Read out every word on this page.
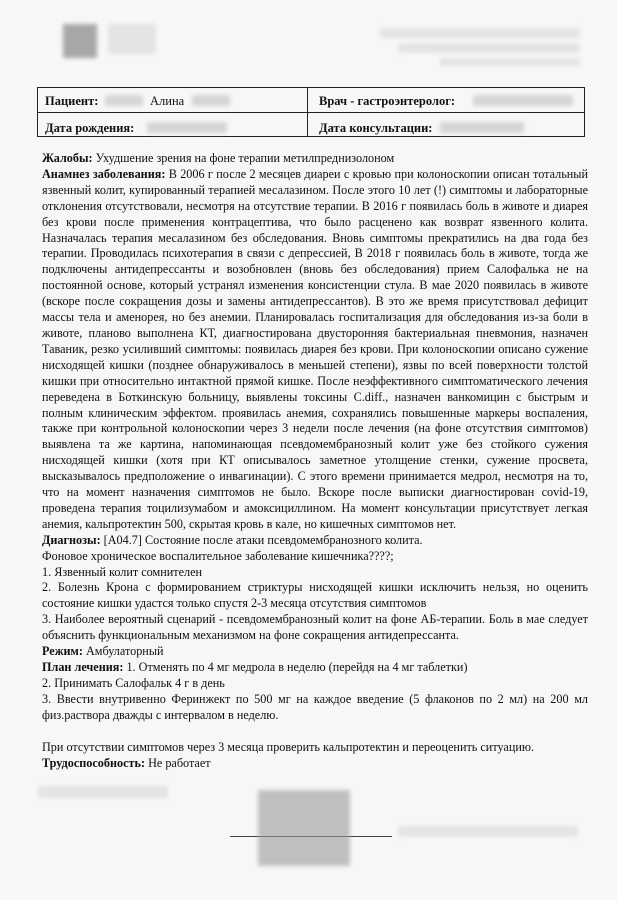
Пациент:	Алина	Врач - гастроэнтеролог:
Дата рождения:	Дата консультации:

Жалобы: Ухудшение зрения на фоне терапии метилпреднизолоном

Анамнез заболевания: В 2006 г после 2 месяцев диареи с кровью при колоноскопии описан тотальный язвенный колит, купированный терапией месалазином. После этого 10 лет (!) симптомы и лабораторные отклонения отсутствовали, несмотря на отсутствие терапии. В 2016 г появилась боль в животе и диарея без крови после применения контрацептива, что было расценено как возврат язвенного колита. Назначалась терапия месалазином без обследования. Вновь симптомы прекратились на два года без терапии. Проводилась психотерапия в связи с депрессией, В 2018 г появилась боль в животе, тогда же подключены антидепрессанты и возобновлен (вновь без обследования) прием Салофалька не на постоянной основе, который устранял изменения консистенции стула. В мае 2020 появилась в животе (вскоре после сокращения дозы и замены антидепрессантов). В это же время присутствовал дефицит массы тела и аменорея, но без анемии. Планировалась госпитализация для обследования из-за боли в животе, планово выполнена КТ, диагностирована двусторонняя бактериальная пневмония, назначен Таваник, резко усиливший симптомы: появилась диарея без крови. При колоноскопии описано сужение нисходящей кишки (позднее обнаруживалось в меньшей степени), язвы по всей поверхности толстой кишки при относительно интактной прямой кишке. После неэффективного симптоматического лечения переведена в Боткинскую больницу, выявлены токсины C.diff., назначен ванкомицин с быстрым и полным клиническим эффектом. проявилась анемия, сохранялись повышенные маркеры воспаления, также при контрольной колоноскопии через 3 недели после лечения (на фоне отсутствия симптомов) выявлена та же картина, напоминающая псевдомембранозный колит уже без стойкого сужения нисходящей кишки (хотя при КТ описывалось заметное утолщение стенки, сужение просвета, высказывалось предположение о инвагинации). С этого времени принимается медрол, несмотря на то, что на момент назначения симптомов не было. Вскоре после выписки диагностирован covid-19, проведена терапия тоцилизумабом и амоксициллином. На момент консультации присутствует легкая анемия, кальпротектин 500, скрытая кровь в кале, но кишечных симптомов нет.

Диагнозы: [A04.7] Состояние после атаки псевдомембранозного колита.

Фоновое хроническое воспалительное заболевание кишечника????;

1. Язвенный колит сомнителен

2. Болезнь Крона с формированием стриктуры нисходящей кишки исключить нельзя, но оценить состояние кишки удастся только спустя 2-3 месяца отсутствия симптомов

3. Наиболее вероятный сценарий - псевдомембранозный колит на фоне АБ-терапии. Боль в мае следует объяснить функциональным механизмом на фоне сокращения антидепрессанта.

Режим: Амбулаторный

План лечения: 1. Отменять по 4 мг медрола в неделю (перейдя на 4 мг таблетки)

2. Принимать Салофальк 4 г в день

3. Ввести внутривенно Феринжект по 500 мг на каждое введение (5 флаконов по 2 мл) на 200 мл физ.раствора дважды с интервалом в неделю.

При отсутствии симптомов через 3 месяца проверить кальпротектин и переоценить ситуацию.

Трудоспособность: Не работает
